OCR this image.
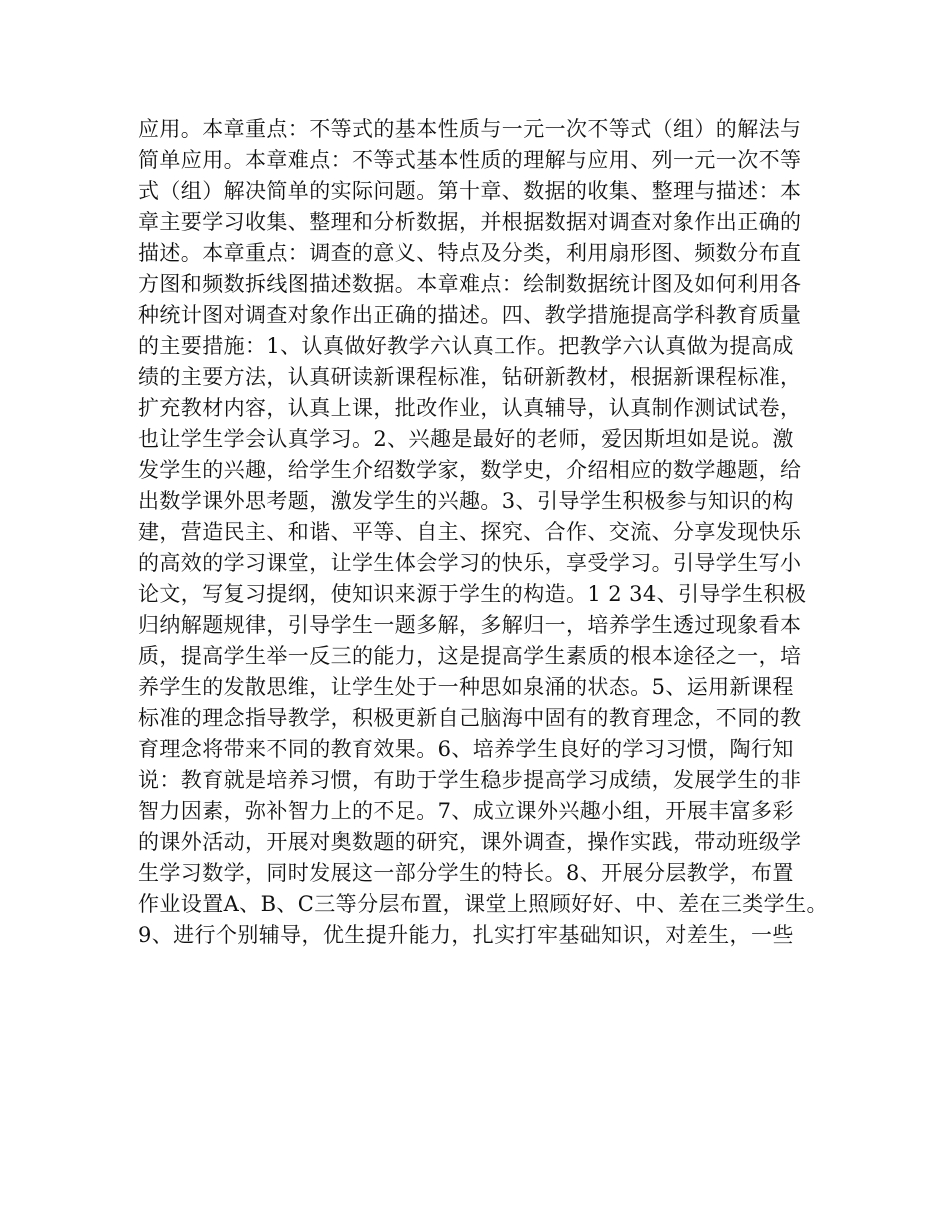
应用。本章重点：不等式的基本性质与一元一次不等式（组）的解法与
简单应用。本章难点：不等式基本性质的理解与应用、列一元一次不等
式（组）解决简单的实际问题。第十章、数据的收集、整理与描述：本
章主要学习收集、整理和分析数据，并根据数据对调查对象作出正确的
描述。本章重点：调查的意义、特点及分类，利用扇形图、频数分布直
方图和频数拆线图描述数据。本章难点：绘制数据统计图及如何利用各
种统计图对调查对象作出正确的描述。四、教学措施提高学科教育质量
的主要措施：1、认真做好教学六认真工作。把教学六认真做为提高成
绩的主要方法，认真研读新课程标准，钻研新教材，根据新课程标准，
扩充教材内容，认真上课，批改作业，认真辅导，认真制作测试试卷，
也让学生学会认真学习。2、兴趣是最好的老师，爱因斯坦如是说。激
发学生的兴趣，给学生介绍数学家，数学史，介绍相应的数学趣题，给
出数学课外思考题，激发学生的兴趣。3、引导学生积极参与知识的构
建，营造民主、和谐、平等、自主、探究、合作、交流、分享发现快乐
的高效的学习课堂，让学生体会学习的快乐，享受学习。引导学生写小
论文，写复习提纲，使知识来源于学生的构造。1 2 34、引导学生积极
归纳解题规律，引导学生一题多解，多解归一，培养学生透过现象看本
质，提高学生举一反三的能力，这是提高学生素质的根本途径之一，培
养学生的发散思维，让学生处于一种思如泉涌的状态。5、运用新课程
标准的理念指导教学，积极更新自己脑海中固有的教育理念，不同的教
育理念将带来不同的教育效果。6、培养学生良好的学习习惯，陶行知
说：教育就是培养习惯，有助于学生稳步提高学习成绩，发展学生的非
智力因素，弥补智力上的不足。7、成立课外兴趣小组，开展丰富多彩
的课外活动，开展对奥数题的研究，课外调查，操作实践，带动班级学
生学习数学，同时发展这一部分学生的特长。8、开展分层教学，布置
作业设置A、B、C三等分层布置，课堂上照顾好好、中、差在三类学生。
9、进行个别辅导，优生提升能力，扎实打牢基础知识，对差生，一些
